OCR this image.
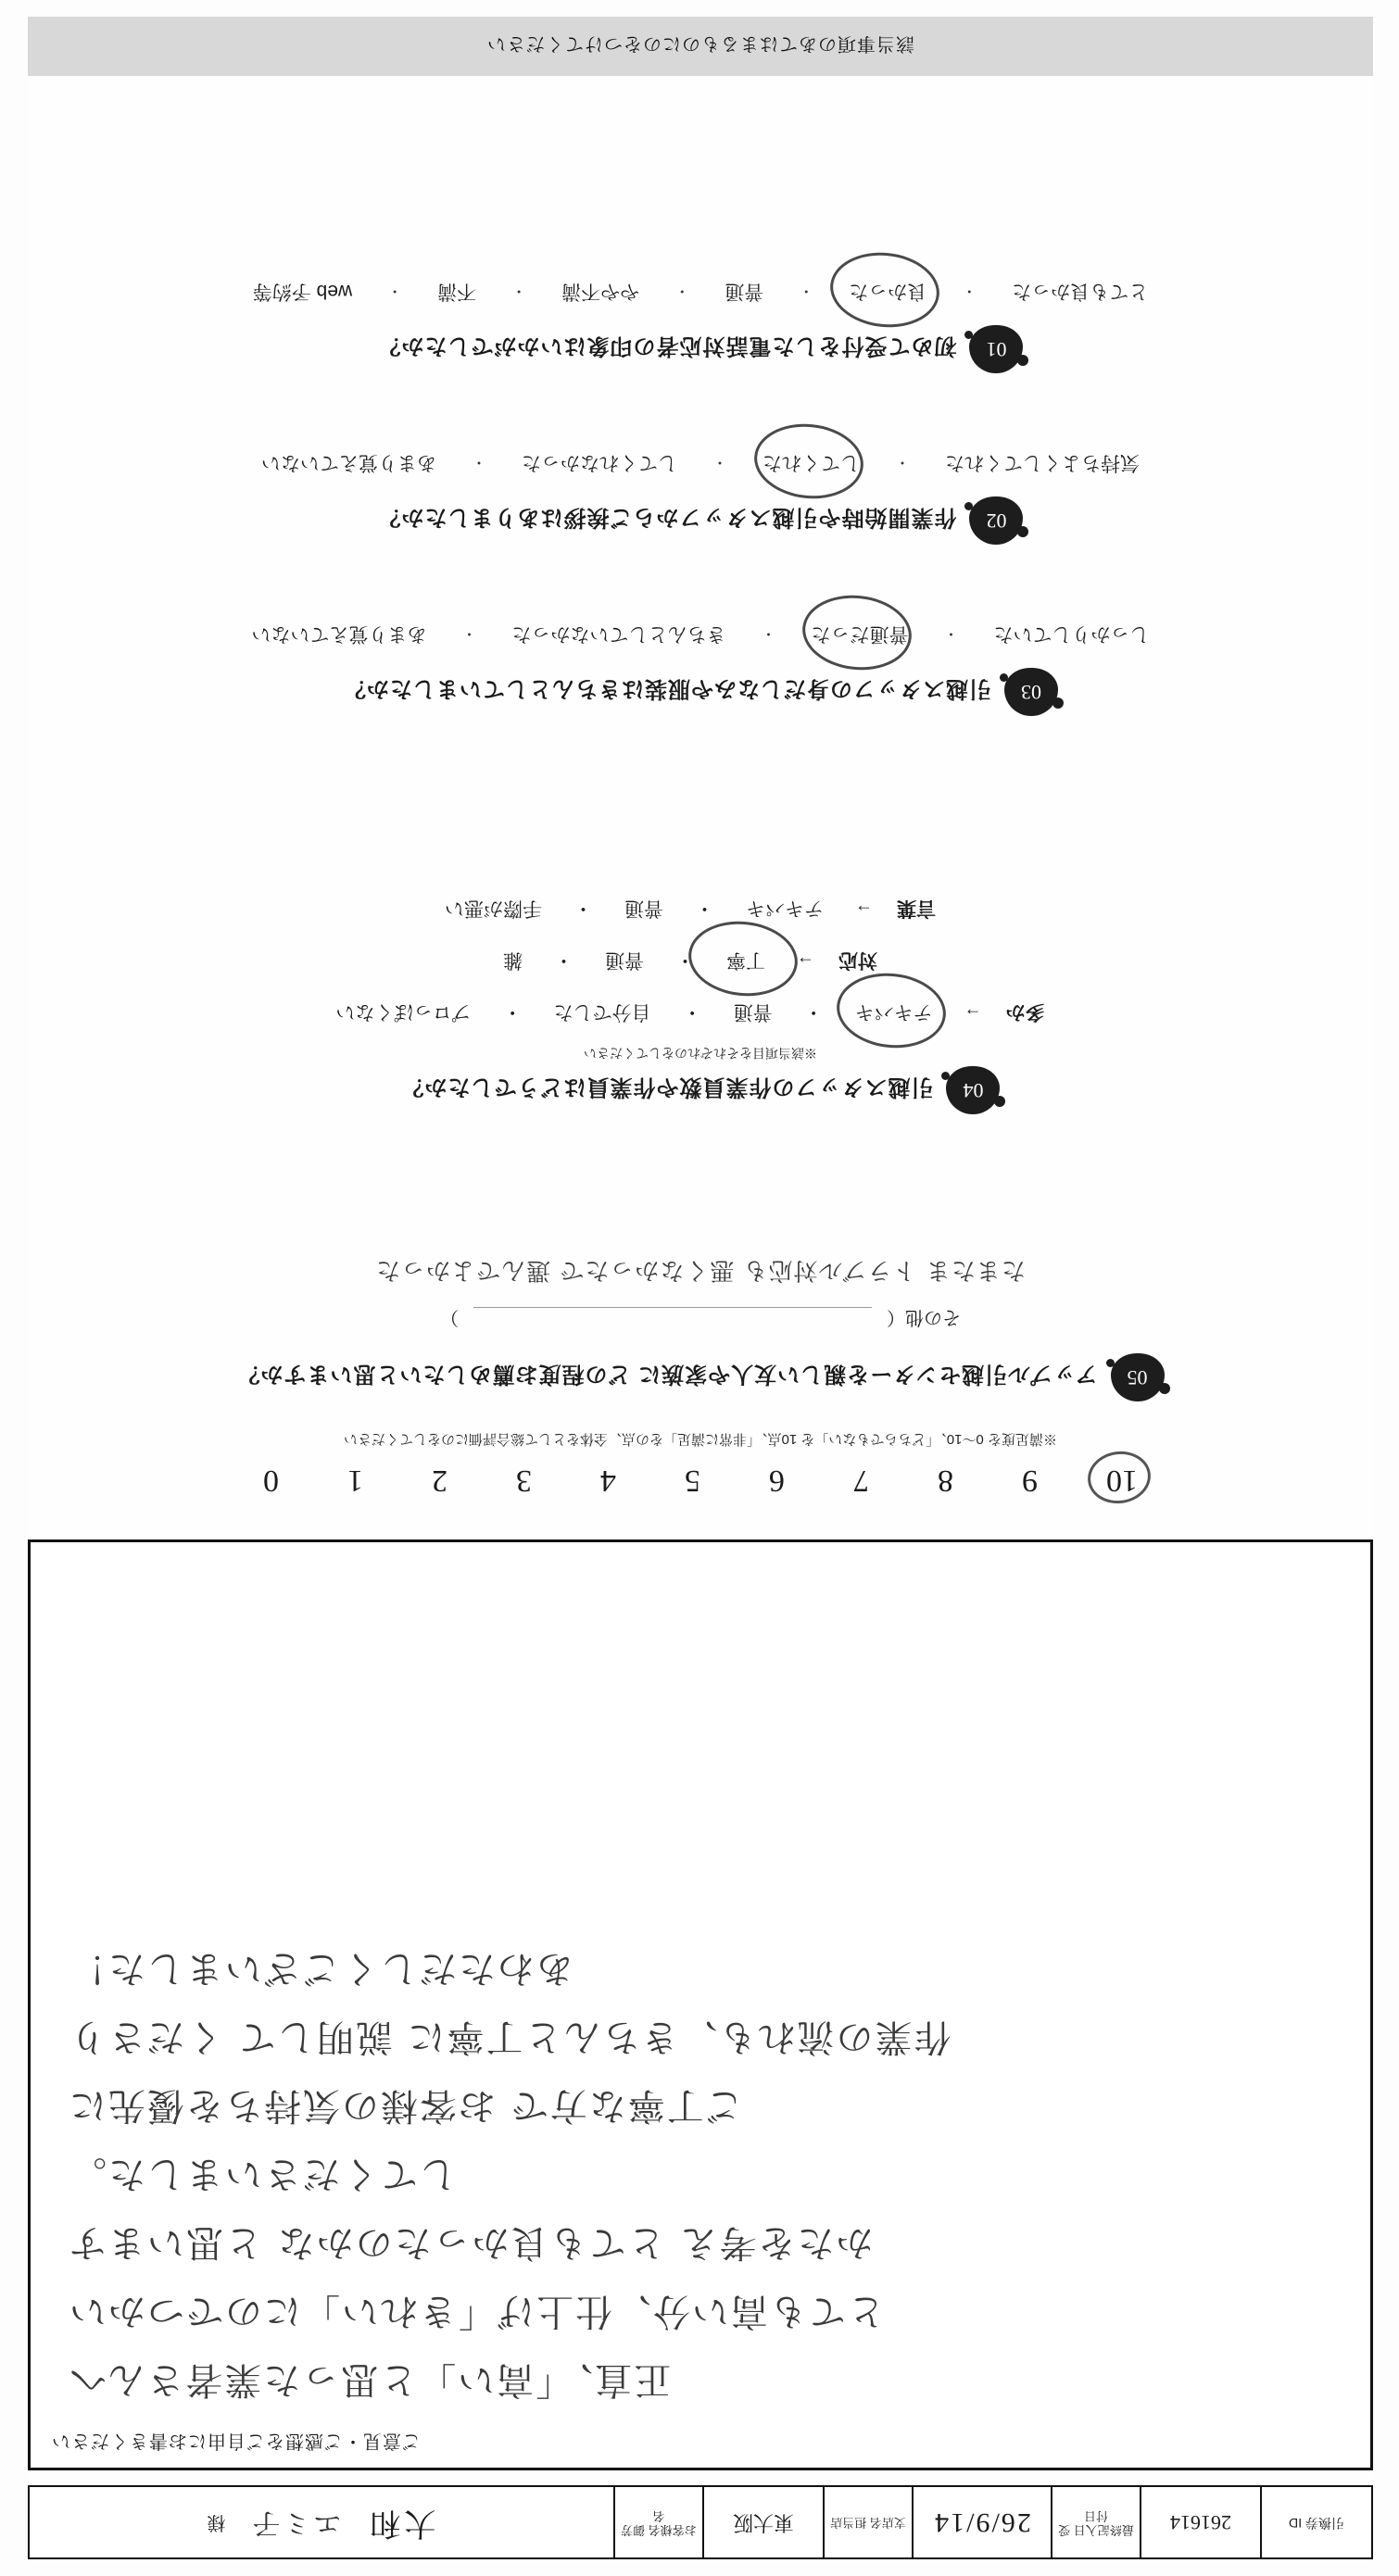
引換券 ID
261614
最終記入日 受付日
26/9/14
支店名 担当店
東大阪
お客様名 御芳名
大和
エミ子
様
ご意見・ご感想をご自由にお書きください
正直、「高い」と思った業者さんへ
とても高い分、仕上げ「きれい」にのでつかい
かたを考え とても良かったのかな と思います
してくださいました。
ご丁寧な方で お客様の気持ちを優先に
作業の流れも、きちんと丁寧に 説明して くださり
あわただしくございました！
10
9
8
7
6
5
4
3
2
1
0
※満足度を 0〜10、「どちらでもない」を 10点、「非常に満足」をの点、全体をとして総合評価にのをしてください
05
アップル引越センターを親しい友人や家族に どの程度お薦めしたいと思いますか？
その他（
）
たまたま トラブル対応も 悪くなかったで 選んでよかった
04
引越スタッフの作業員数や作業員はどうでしたか？
※該当項目をそれぞれのをしてください
多か
→
テキパキ
・
普通
・
自分でした
・
プロっぽくない
対応
→
丁寧
・
普通
・
雑
言葉
→
テキパキ
・
普通
・
手際が悪い
03
引越スタッフの身だしなみや服装はきちんとしていましたか？
しっかりしていた
・
普通だった
・
きちんとしていなかった
・
あまり覚えていない
02
作業開始時や引越スタッフからご挨拶はありましたか？
気持ちよくしてくれた
・
してくれた
・
してくれなかった
・
あまり覚えていない
01
初めて受付をした電話対応者の印象はいかがでしたか？
とても良かった
・
良かった
・
普通
・
やや不満
・
不満
・
web 予約等
該当事項のあてはまるものにのをつけてください
